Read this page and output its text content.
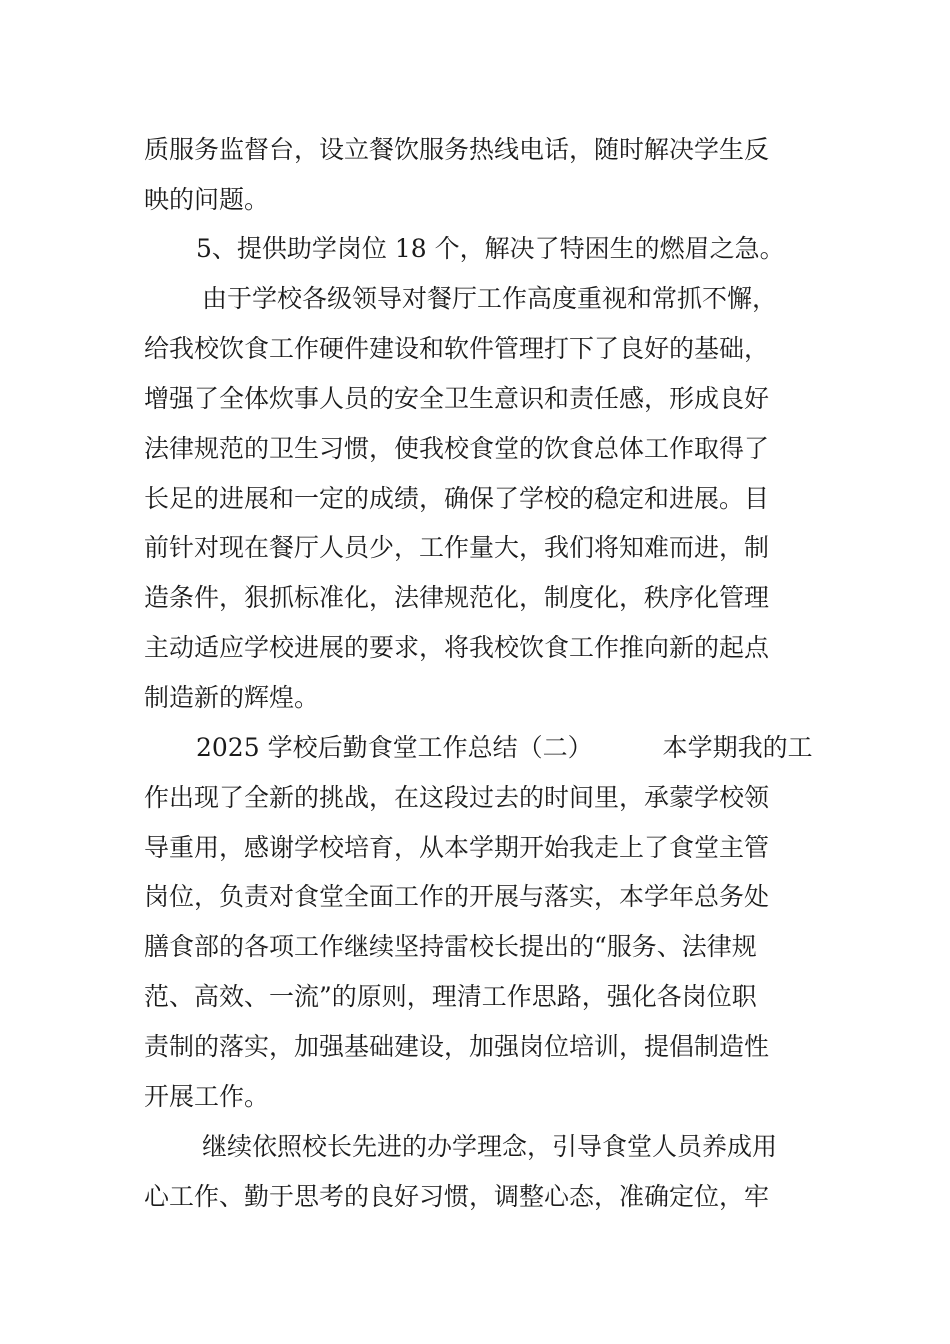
质服务监督台，设立餐饮服务热线电话，随时解决学生反
映的问题。
5、提供助学岗位 18 个，解决了特困生的燃眉之急。
由于学校各级领导对餐厅工作高度重视和常抓不懈，
给我校饮食工作硬件建设和软件管理打下了良好的基础，
增强了全体炊事人员的安全卫生意识和责任感，形成良好
法律规范的卫生习惯，使我校食堂的饮食总体工作取得了
长足的进展和一定的成绩，确保了学校的稳定和进展。目
前针对现在餐厅人员少，工作量大，我们将知难而进，制
造条件，狠抓标准化，法律规范化，制度化，秩序化管理
主动适应学校进展的要求，将我校饮食工作推向新的起点
制造新的辉煌。
2025 学校后勤食堂工作总结（二）	本学期我的工
作出现了全新的挑战，在这段过去的时间里，承蒙学校领
导重用，感谢学校培育，从本学期开始我走上了食堂主管
岗位，负责对食堂全面工作的开展与落实，本学年总务处
膳食部的各项工作继续坚持雷校长提出的“服务、法律规
范、高效、一流”的原则，理清工作思路，强化各岗位职
责制的落实，加强基础建设，加强岗位培训，提倡制造性
开展工作。
继续依照校长先进的办学理念，引导食堂人员养成用
心工作、勤于思考的良好习惯，调整心态，准确定位，牢
